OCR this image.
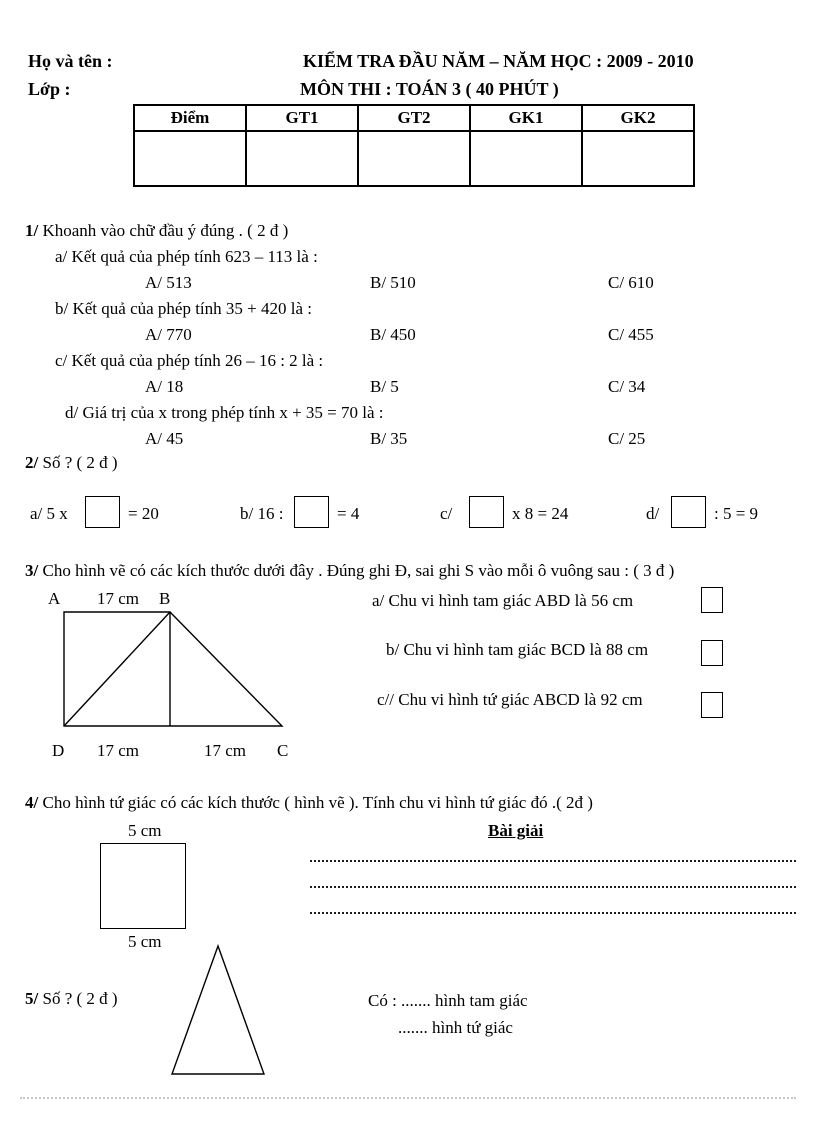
Họ và tên :
Lớp :
KIỂM TRA ĐẦU NĂM – NĂM HỌC : 2009 - 2010
MÔN THI : TOÁN 3 ( 40 PHÚT )
Điểm	GT1	GT2	GK1	GK2

1/ Khoanh vào chữ đầu ý đúng . ( 2 đ )
a/ Kết quả của phép tính 623 – 113 là :
A/ 513	B/ 510	C/ 610
b/ Kết quả của phép tính 35 + 420 là :
A/ 770	B/ 450	C/ 455
c/ Kết quả của phép tính 26 – 16 : 2 là :
A/ 18	B/ 5	C/ 34
d/ Giá trị của x trong phép tính x + 35 = 70 là :
A/ 45	B/ 35	C/ 25
2/ Số ? ( 2 đ )
a/ 5 x	= 20	b/ 16 :	= 4	c/	x 8 = 24	d/	: 5 = 9
3/ Cho hình vẽ có các kích thước dưới đây . Đúng ghi Đ, sai ghi S vào mỗi ô vuông sau : ( 3 đ )
A 17 cm B
D 17 cm	17 cm C
a/ Chu vi hình tam giác ABD là 56 cm
b/ Chu vi hình tam giác BCD là 88 cm
c// Chu vi hình tứ giác ABCD là 92 cm
4/ Cho hình tứ giác có các kích thước ( hình vẽ ). Tính chu vi hình tứ giác đó .( 2đ )
5 cm
5 cm
Bài giải
5/ Số ? ( 2 đ )	Có : ....... hình tam giác
....... hình tứ giác
